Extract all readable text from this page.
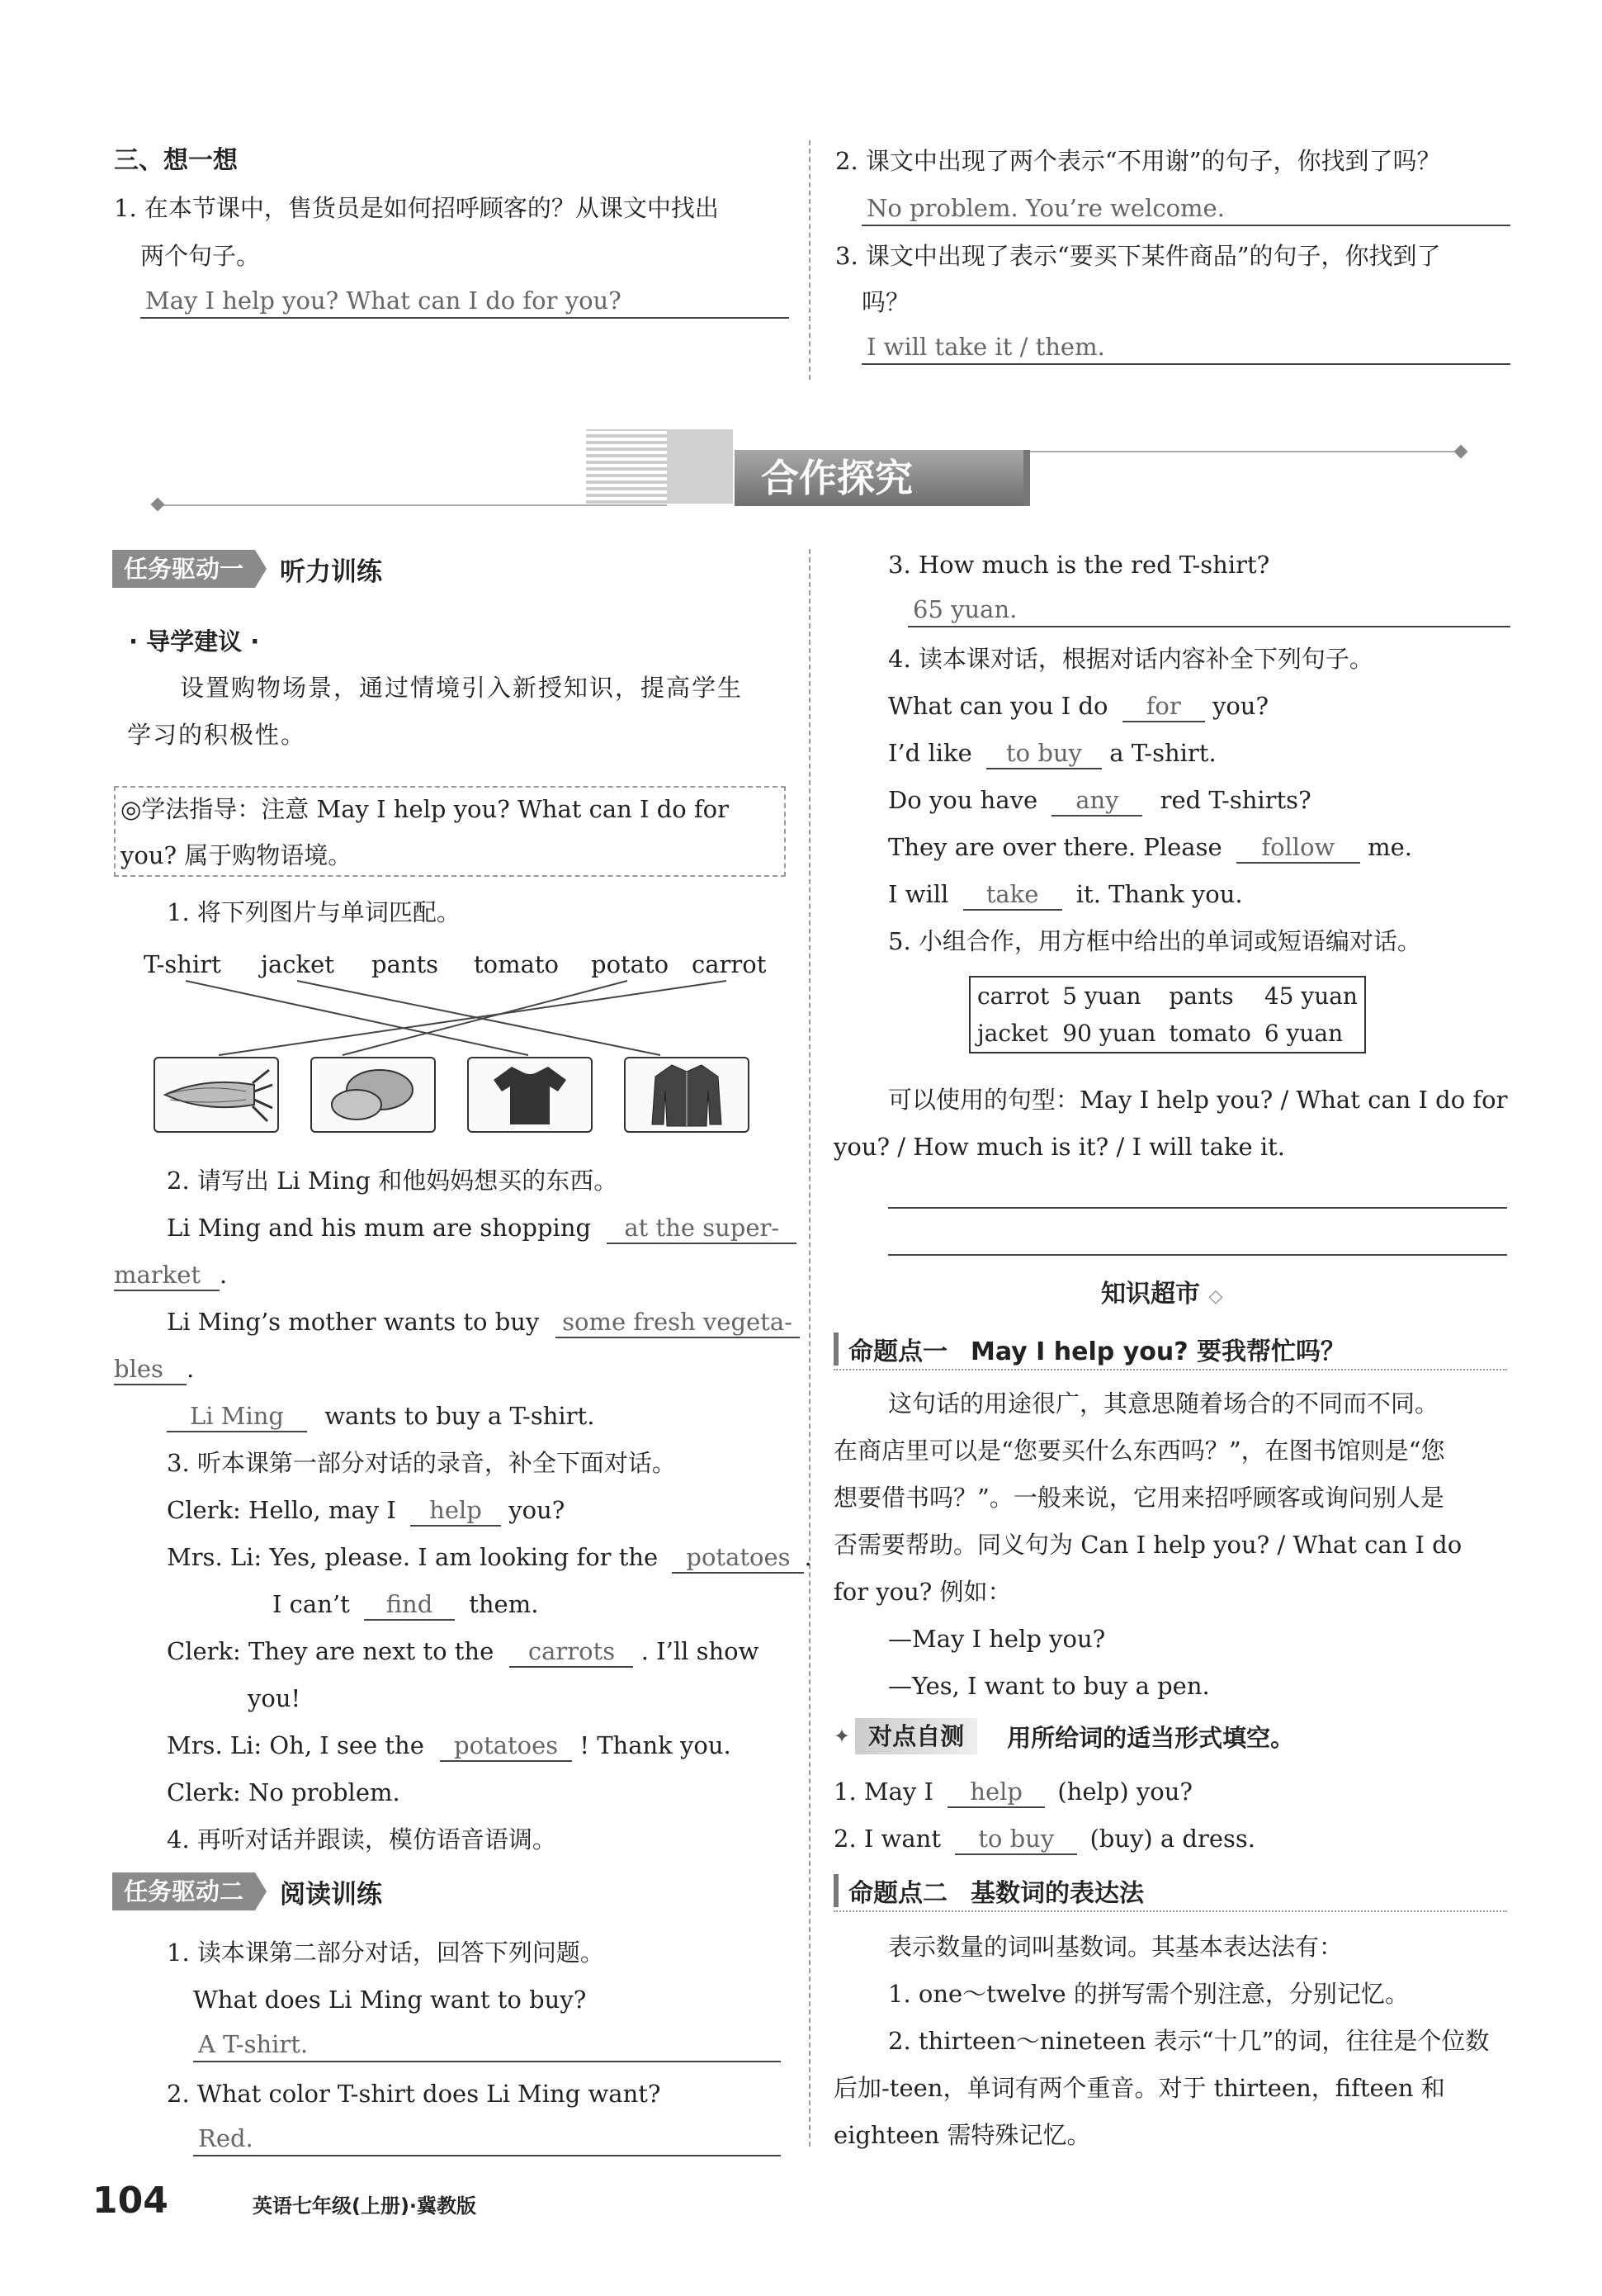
三、想一想
1. 在本节课中，售货员是如何招呼顾客的？从课文中找出
两个句子。
May I help you? What can I do for you?
2. 课文中出现了两个表示“不用谢”的句子，你找到了吗？
No problem. You’re welcome.
3. 课文中出现了表示“要买下某件商品”的句子，你找到了
吗？
I will take it / them.
合作探究
任务驱动一	听力训练
· 导学建议 ·
设置购物场景，通过情境引入新授知识，提高学生
学习的积极性。
◎学法指导：注意 May I help you? What can I do for
you? 属于购物语境。
1. 将下列图片与单词匹配。
T-shirt jacket pants tomato potato carrot
2. 请写出 Li Ming 和他妈妈想买的东西。
Li Ming and his mum are shopping at the super-
market .
Li Ming’s mother wants to buy some fresh vegeta-
bles .
Li Ming wants to buy a T-shirt.
3. 听本课第一部分对话的录音，补全下面对话。
Clerk: Hello, may I help you?
Mrs. Li: Yes, please. I am looking for the potatoes .
I can’t find them.
Clerk: They are next to the carrots . I’ll show
you!
Mrs. Li: Oh, I see the potatoes ! Thank you.
Clerk: No problem.
4. 再听对话并跟读，模仿语音语调。
任务驱动二	阅读训练
1. 读本课第二部分对话，回答下列问题。
What does Li Ming want to buy?
A T-shirt.
2. What color T-shirt does Li Ming want?
Red.
3. How much is the red T-shirt?
65 yuan.
4. 读本课对话，根据对话内容补全下列句子。
What can you I do for you?
I’d like to buy a T-shirt.
Do you have any red T-shirts?
They are over there. Please follow me.
I will take it. Thank you.
5. 小组合作，用方框中给出的单词或短语编对话。
carrot	5 yuan	pants	45 yuan
jacket	90 yuan	tomato	6 yuan
可以使用的句型：May I help you? / What can I do for
you? / How much is it? / I will take it.
知识超市 ◇
命题点一 May I help you? 要我帮忙吗？
这句话的用途很广，其意思随着场合的不同而不同。
在商店里可以是“您要买什么东西吗？”，在图书馆则是“您
想要借书吗？”。一般来说，它用来招呼顾客或询问别人是
否需要帮助。同义句为 Can I help you? / What can I do
for you? 例如：
—May I help you?
—Yes, I want to buy a pen.
✦ 对点自测	用所给词的适当形式填空。
1. May I help (help) you?
2. I want to buy (buy) a dress.
命题点二 基数词的表达法
表示数量的词叫基数词。其基本表达法有：
1. one～twelve 的拼写需个别注意，分别记忆。
2. thirteen～nineteen 表示“十几”的词，往往是个位数
后加-teen，单词有两个重音。对于 thirteen，fifteen 和
eighteen 需特殊记忆。
104	英语七年级(上册)·冀教版
